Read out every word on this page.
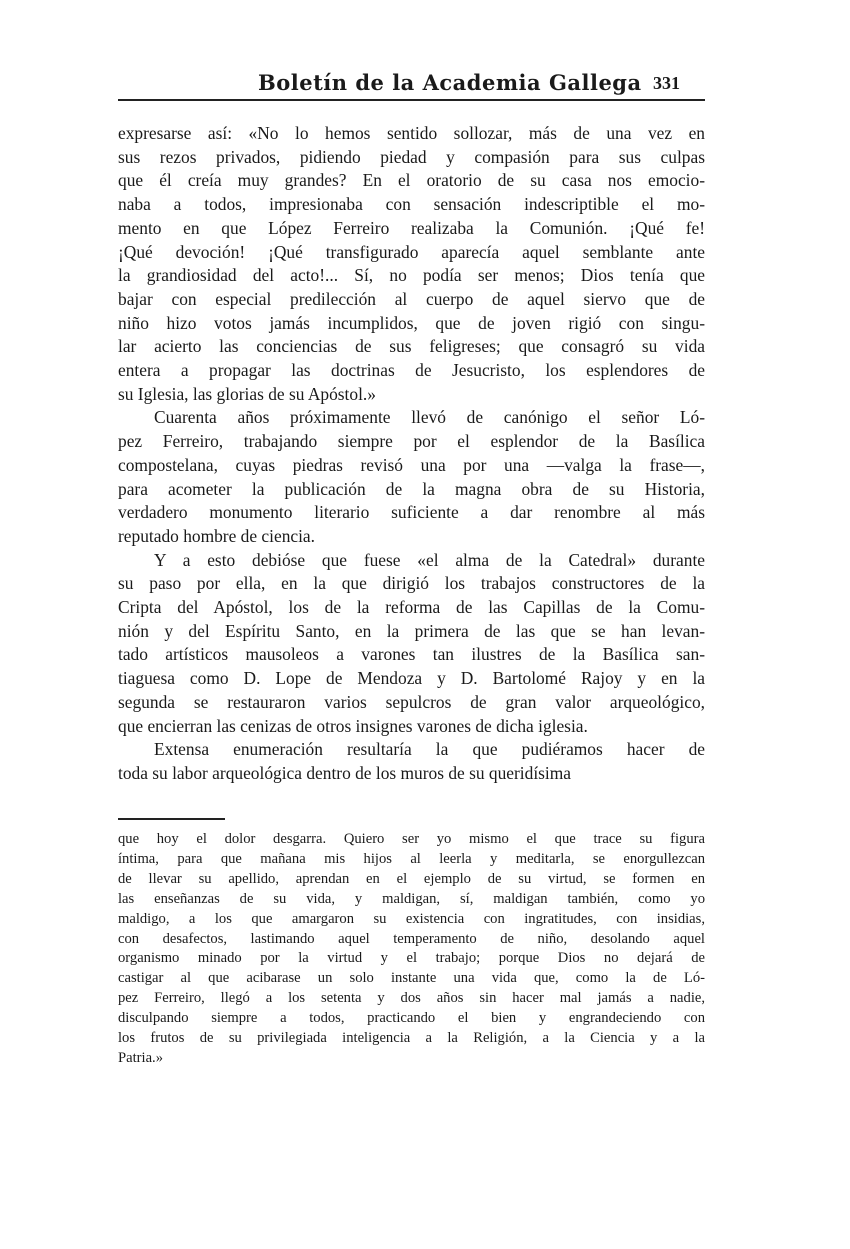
Boletín de la Academia Gallega 331
expresarse así: «No lo hemos sentido sollozar, más de una vez en
sus rezos privados, pidiendo piedad y compasión para sus culpas
que él creía muy grandes? En el oratorio de su casa nos emocio-
naba a todos, impresionaba con sensación indescriptible el mo-
mento en que López Ferreiro realizaba la Comunión. ¡Qué fe!
¡Qué devoción! ¡Qué transfigurado aparecía aquel semblante ante
la grandiosidad del acto!... Sí, no podía ser menos; Dios tenía que
bajar con especial predilección al cuerpo de aquel siervo que de
niño hizo votos jamás incumplidos, que de joven rigió con singu-
lar acierto las conciencias de sus feligreses; que consagró su vida
entera a propagar las doctrinas de Jesucristo, los esplendores de
su Iglesia, las glorias de su Apóstol.»
Cuarenta años próximamente llevó de canónigo el señor Ló-
pez Ferreiro, trabajando siempre por el esplendor de la Basílica
compostelana, cuyas piedras revisó una por una —valga la frase—,
para acometer la publicación de la magna obra de su Historia,
verdadero monumento literario suficiente a dar renombre al más
reputado hombre de ciencia.
Y a esto debióse que fuese «el alma de la Catedral» durante
su paso por ella, en la que dirigió los trabajos constructores de la
Cripta del Apóstol, los de la reforma de las Capillas de la Comu-
nión y del Espíritu Santo, en la primera de las que se han levan-
tado artísticos mausoleos a varones tan ilustres de la Basílica san-
tiaguesa como D. Lope de Mendoza y D. Bartolomé Rajoy y en la
segunda se restauraron varios sepulcros de gran valor arqueológico,
que encierran las cenizas de otros insignes varones de dicha iglesia.
Extensa enumeración resultaría la que pudiéramos hacer de
toda su labor arqueológica dentro de los muros de su queridísima
que hoy el dolor desgarra. Quiero ser yo mismo el que trace su figura
íntima, para que mañana mis hijos al leerla y meditarla, se enorgullezcan
de llevar su apellido, aprendan en el ejemplo de su virtud, se formen en
las enseñanzas de su vida, y maldigan, sí, maldigan también, como yo
maldigo, a los que amargaron su existencia con ingratitudes, con insidias,
con desafectos, lastimando aquel temperamento de niño, desolando aquel
organismo minado por la virtud y el trabajo; porque Dios no dejará de
castigar al que acibarase un solo instante una vida que, como la de Ló-
pez Ferreiro, llegó a los setenta y dos años sin hacer mal jamás a nadie,
disculpando siempre a todos, practicando el bien y engrandeciendo con
los frutos de su privilegiada inteligencia a la Religión, a la Ciencia y a la
Patria.»
